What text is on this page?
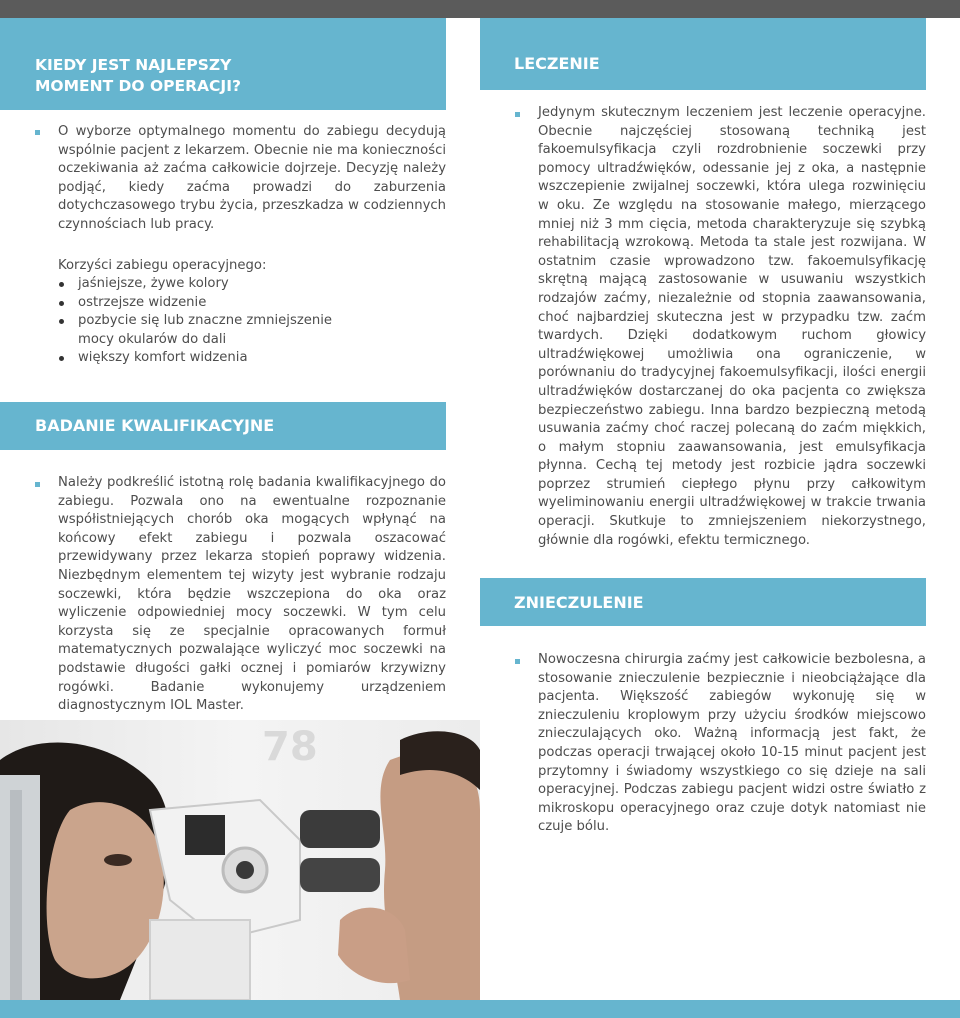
KIEDY JEST NAJLEPSZY
MOMENT DO OPERACJI?
O wyborze optymalnego momentu do zabiegu decydują wspólnie pacjent z lekarzem. Obecnie nie ma konieczności oczekiwania aż zaćma całkowicie dojrzeje. Decyzję należy podjąć, kiedy zaćma prowadzi do zaburzenia dotychczasowego trybu życia, przeszkadza w codziennych czynnościach lub pracy.
Korzyści zabiegu operacyjnego:
jaśniejsze, żywe kolory
ostrzejsze widzenie
pozbycie się lub znaczne zmniejszenie mocy okularów do dali
większy komfort widzenia
BADANIE KWALIFIKACYJNE
Należy podkreślić istotną rolę badania kwalifikacyjnego do zabiegu. Pozwala ono na ewentualne rozpoznanie współistniejących chorób oka mogących wpłynąć na końcowy efekt zabiegu i pozwala oszacować przewidywany przez lekarza stopień poprawy widzenia. Niezbędnym elementem tej wizyty jest wybranie rodzaju soczewki, która będzie wszczepiona do oka oraz wyliczenie odpowiedniej mocy soczewki. W tym celu korzysta się ze specjalnie opracowanych formuł matematycznych pozwalające wyliczyć moc soczewki na podstawie długości gałki ocznej i pomiarów krzywizny rogówki. Badanie wykonujemy urządzeniem diagnostycznym IOL Master.
78
LECZENIE
Jedynym skutecznym leczeniem jest leczenie operacyjne. Obecnie najczęściej stosowaną techniką jest fakoemulsyfikacja czyli rozdrobnienie soczewki przy pomocy ultradźwięków, odessanie jej z oka, a następnie wszczepienie zwijalnej soczewki, która ulega rozwinięciu w oku. Ze względu na stosowanie małego, mierzącego mniej niż 3 mm cięcia, metoda charakteryzuje się szybką rehabilitacją wzrokową. Metoda ta stale jest rozwijana. W ostatnim czasie wprowadzono tzw. fakoemulsyfikację skrętną mającą zastosowanie w usuwaniu wszystkich rodzajów zaćmy, niezależnie od stopnia zaawansowania, choć najbardziej skuteczna jest w przypadku tzw. zaćm twardych. Dzięki dodatkowym ruchom głowicy ultradźwiękowej umożliwia ona ograniczenie, w porównaniu do tradycyjnej fakoemulsyfikacji, ilości energii ultradźwięków dostarczanej do oka pacjenta co zwiększa bezpieczeństwo zabiegu. Inna bardzo bezpieczną metodą usuwania zaćmy choć raczej polecaną do zaćm miękkich, o małym stopniu zaawansowania, jest emulsyfikacja płynna. Cechą tej metody jest rozbicie jądra soczewki poprzez strumień ciepłego płynu przy całkowitym wyeliminowaniu energii ultradźwiękowej w trakcie trwania operacji. Skutkuje to zmniejszeniem niekorzystnego, głównie dla rogówki, efektu termicznego.
ZNIECZULENIE
Nowoczesna chirurgia zaćmy jest całkowicie bezbolesna, a stosowanie znieczulenie bezpiecznie i nieobciążające dla pacjenta. Większość zabiegów wykonuję się w znieczuleniu kroplowym przy użyciu środków miejscowo znieczulających oko. Ważną informacją jest fakt, że podczas operacji trwającej około 10-15 minut pacjent jest przytomny i świadomy wszystkiego co się dzieje na sali operacyjnej. Podczas zabiegu pacjent widzi ostre światło z mikroskopu operacyjnego oraz czuje dotyk natomiast nie czuje bólu.
